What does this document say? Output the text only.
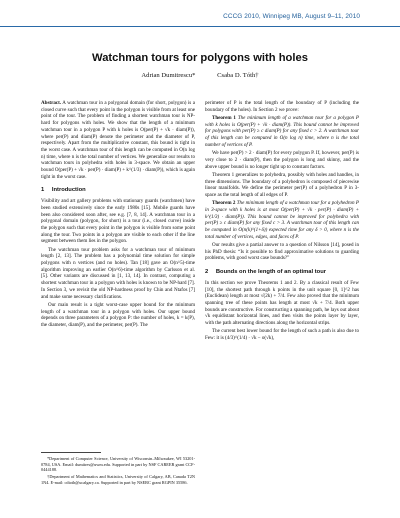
CCCG 2010, Winnipeg MB, August 9–11, 2010
Watchman tours for polygons with holes
Adrian Dumitrescu*	Csaba D. Tóth†

Abstract. A watchman tour in a polygonal domain (for short, polygon) is a closed curve such that every point in the polygon is visible from at least one point of the tour. The problem of finding a shortest watchman tour is NP-hard for polygons with holes. We show that the length of a minimum watchman tour in a polygon P with k holes is O(per(P) + √k · diam(P)), where per(P) and diam(P) denote the perimeter and the diameter of P, respectively. Apart from the multiplicative constant, this bound is tight in the worst case. A watchman tour of this length can be computed in O(n log n) time, where n is the total number of vertices. We generalize our results to watchman tours in polyhedra with holes in 3-space. We obtain an upper bound O(per(P) + √k · per(P) · diam(P) + k^(1/3) · diam(P)), which is again tight in the worst case.

1 Introduction

Visibility and art gallery problems with stationary guards (watchmen) have been studied extensively since the early 1980s [15]. Mobile guards have been also considered soon after, see e.g. [7, 8, 14]. A watchman tour in a polygonal domain (polygon, for short) is a tour (i.e., closed curve) inside the polygon such that every point in the polygon is visible from some point along the tour. Two points in a polygon are visible to each other if the line segment between them lies in the polygon.

The watchman tour problem asks for a watchman tour of minimum length [2, 13]. The problem has a polynomial time solution for simple polygons with n vertices (and no holes). Tan [18] gave an O(n^5)-time algorithm improving an earlier O(n^6)-time algorithm by Carlsson et al. [5]. Other variants are discussed in [1, 13, 14]. In contrast, computing a shortest watchman tour in a polygon with holes is known to be NP-hard [7]. In Section 3, we revisit the old NP-hardness proof by Chin and Ntafos [7] and make some necessary clarifications.

Our main result is a tight worst-case upper bound for the minimum length of a watchman tour in a polygon with holes. Our upper bound depends on three parameters of a polygon P: the number of holes, k = k(P), the diameter, diam(P), and the perimeter, per(P). The

*Department of Computer Science, University of Wisconsin–Milwaukee, WI 53201-0784, USA. Email: dumitres@uwm.edu. Supported in part by NSF CAREER grant CCF-0444188.

†Department of Mathematics and Statistics, University of Calgary, AB, Canada T2N 1N4. E-mail: cdtoth@ucalgary.ca. Supported in part by NSERC grant RGPIN 35586.

perimeter of P is the total length of the boundary of P (including the boundary of the holes). In Section 2 we prove:

Theorem 1 The minimum length of a watchman tour for a polygon P with k holes is O(per(P) + √k · diam(P)). This bound cannot be improved for polygons with per(P) ≥ c diam(P) for any fixed c > 2. A watchman tour of this length can be computed in O(n log n) time, where n is the total number of vertices of P.

We have per(P) > 2 · diam(P) for every polygon P. If, however, per(P) is very close to 2 · diam(P), then the polygon is long and skinny, and the above upper bound is no longer tight up to constant factors.

Theorem 1 generalizes to polyhedra, possibly with holes and handles, in three dimensions. The boundary of a polyhedron is composed of piecewise linear manifolds. We define the perimeter per(P) of a polyhedron P in 3-space as the total length of all edges of P.

Theorem 2 The minimum length of a watchman tour for a polyhedron P in 3-space with k holes is at most O(per(P) + √k · per(P) · diam(P) + k^(1/3) · diam(P)). This bound cannot be improved for polyhedra with per(P) ≥ c diam(P) for any fixed c > 3. A watchman tour of this length can be computed in O(n(k)^(1+δ)) expected time for any δ > 0, where n is the total number of vertices, edges, and faces of P.

Our results give a partial answer to a question of Nilsson [14], posed in his PhD thesis: “Is it possible to find approximative solutions to guarding problems, with good worst case bounds?”

2 Bounds on the length of an optimal tour

In this section we prove Theorems 1 and 2. By a classical result of Few [10], the shortest path through k points in the unit square [0, 1]^2 has (Euclidean) length at most √(2k) + 7/4. Few also proved that the minimum spanning tree of these points has length at most √k + 7/4. Both upper bounds are constructive. For constructing a spanning path, he lays out about √k equidistant horizontal lines, and then visits the points layer by layer, with the path alternating directions along the horizontal strips.

The current best lower bound for the length of such a path is also due to Few: it is (4/3)^(1/4) · √k − o(√k),
